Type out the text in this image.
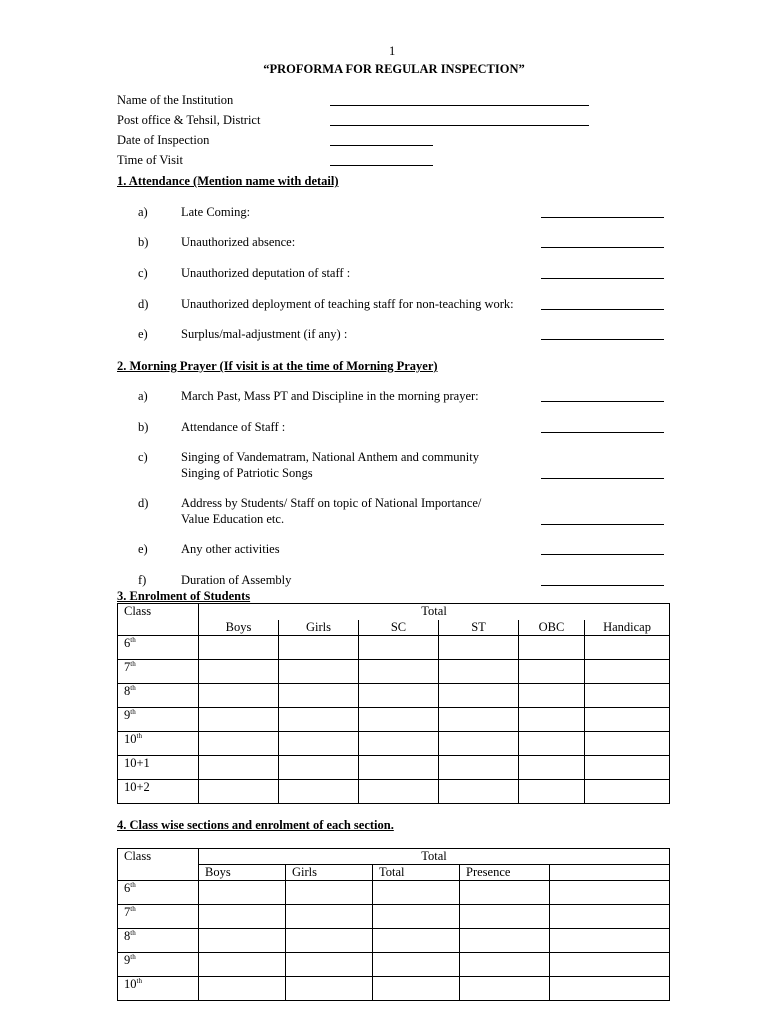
1
“PROFORMA FOR REGULAR INSPECTION”
Name of the Institution
Post office & Tehsil, District
Date of Inspection
Time of Visit
1. Attendance (Mention name with detail)
a)	Late Coming:
b)	Unauthorized absence:
c)	Unauthorized deputation of staff :
d)	Unauthorized deployment of teaching staff for non-teaching work:
e)	Surplus/mal-adjustment (if any) :
2. Morning Prayer (If visit is at the time of Morning Prayer)
a)	March Past, Mass PT and Discipline in the morning prayer:
b)	Attendance of Staff :
c)	Singing of Vandematram, National Anthem and community
Singing of Patriotic Songs
d)	Address by Students/ Staff on topic of National Importance/
Value Education etc.
e)	Any other activities
f)	Duration of Assembly
3. Enrolment of Students
Class	Total					
	Boys	Girls	SC	ST	OBC	Handicap
6th						
7th						
8th						
9th						
10th						
10+1						
10+2						
4. Class wise sections and enrolment of each section.
Class	Total				
	Boys	Girls	Total	Presence	
6th					
7th					
8th					
9th					
10th					
